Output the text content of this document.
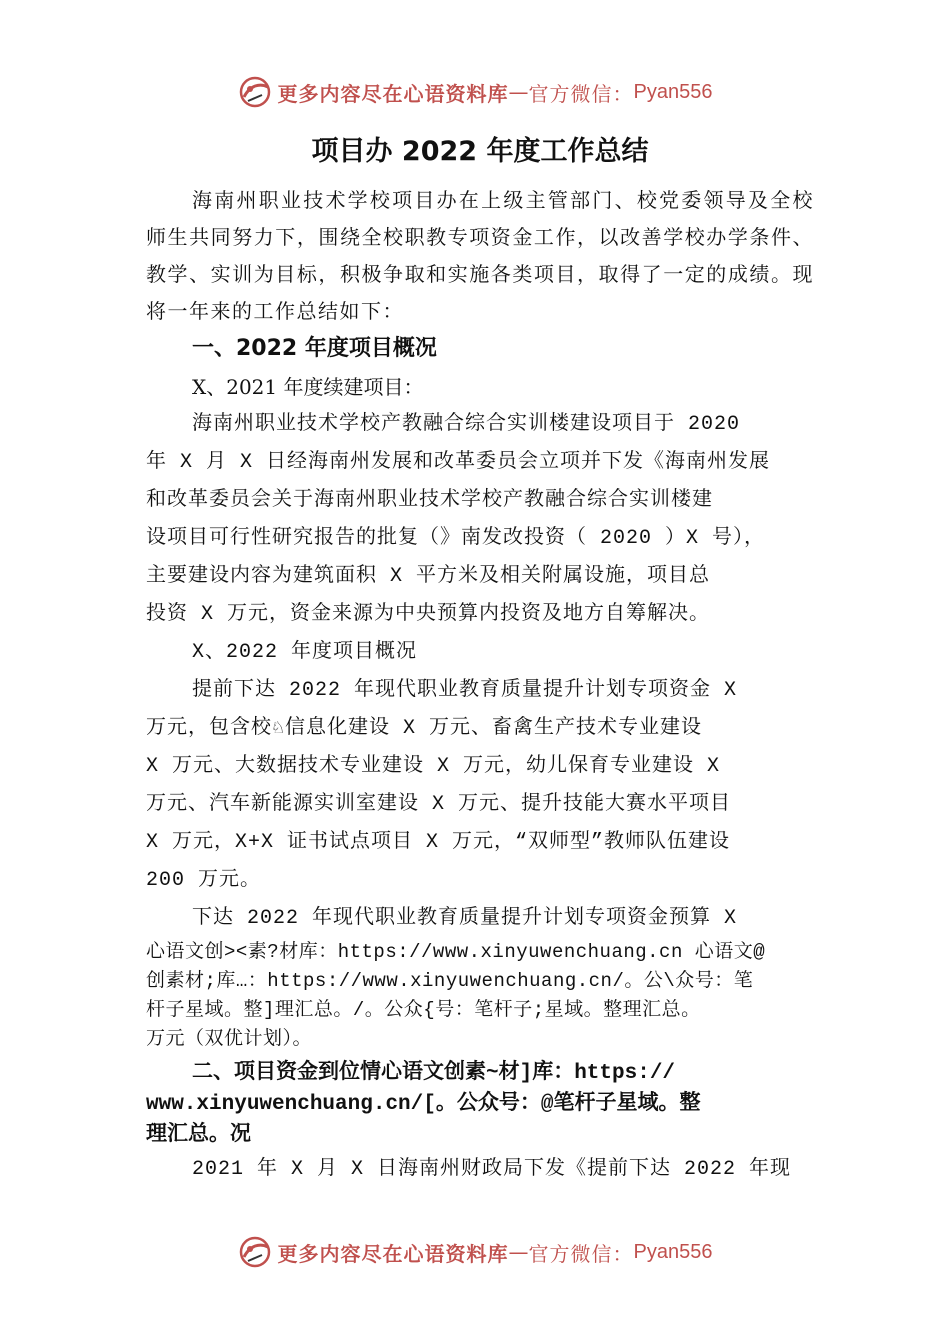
更多内容尽在心语资料库 — 官方微信： Pyan556
项目办 2022 年度工作总结

海南州职业技术学校项目办在上级主管部门、校党委领导及全校师生共同努力下，围绕全校职教专项资金工作，以改善学校办学条件、教学、实训为目标，积极争取和实施各类项目，取得了一定的成绩。现将一年来的工作总结如下：

一、2022 年度项目概况

X、2021 年度续建项目：

海南州职业技术学校产教融合综合实训楼建设项目于 2020

年 X 月 X 日经海南州发展和改革委员会立项并下发《海南州发展

和改革委员会关于海南州职业技术学校产教融合综合实训楼建

设项目可行性研究报告的批复（》南发改投资（ 2020 ）X 号），

主要建设内容为建筑面积 X 平方米及相关附属设施，项目总

投资 X 万元，资金来源为中央预算内投资及地方自筹解决。

X、2022 年度项目概况

提前下达 2022 年现代职业教育质量提升计划专项资金 X

万元，包含校♘信息化建设 X 万元、畜禽生产技术专业建设

X 万元、大数据技术专业建设 X 万元，幼儿保育专业建设 X

万元、汽车新能源实训室建设 X 万元、提升技能大赛水平项目

X 万元，X+X 证书试点项目 X 万元，“双师型”教师队伍建设

200 万元。

下达 2022 年现代职业教育质量提升计划专项资金预算 X

心语文创><素?材库：https://www.xinyuwenchuang.cn 心语文@

创素材;库…：https://www.xinyuwenchuang.cn/。公\众号：笔

杆子星域。整]理汇总。/。公众{号：笔杆子;星域。整理汇总。

万元（双优计划）。

二、项目资金到位情心语文创素~材]库：https://
www.xinyuwenchuang.cn/[。公众号：@笔杆子星域。整
理汇总。况

2021 年 X 月 X 日海南州财政局下发《提前下达 2022 年现

更多内容尽在心语资料库 — 官方微信： Pyan556
